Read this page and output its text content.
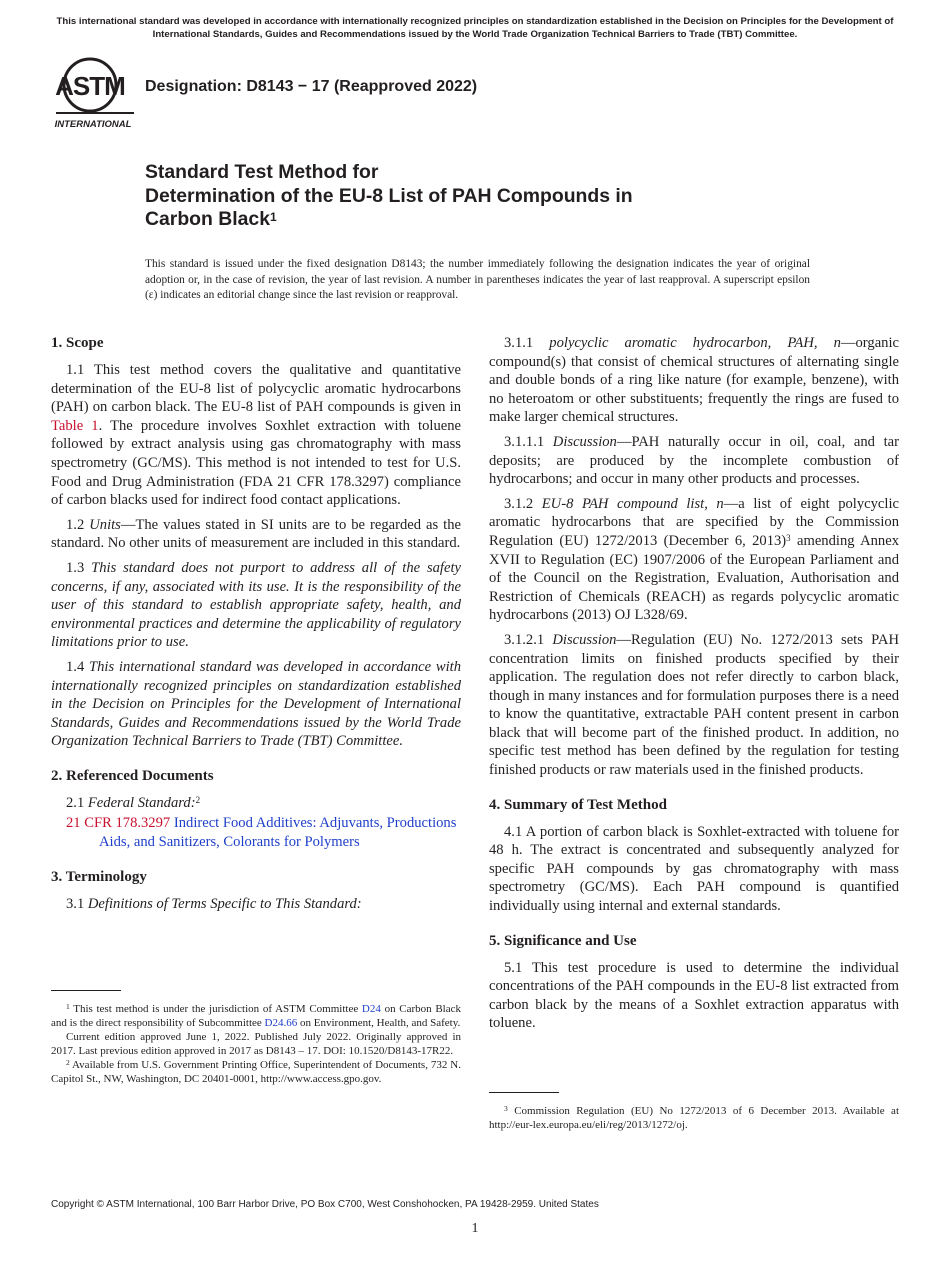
This international standard was developed in accordance with internationally recognized principles on standardization established in the Decision on Principles for the Development of International Standards, Guides and Recommendations issued by the World Trade Organization Technical Barriers to Trade (TBT) Committee.
ASTM
INTERNATIONAL
Designation: D8143 − 17 (Reapproved 2022)
Standard Test Method for
Determination of the EU-8 List of PAH Compounds in
Carbon Black$^1$
This standard is issued under the fixed designation D8143; the number immediately following the designation indicates the year of original adoption or, in the case of revision, the year of last revision. A number in parentheses indicates the year of last reapproval. A superscript epsilon (ε) indicates an editorial change since the last revision or reapproval.
1. Scope

1.1 This test method covers the qualitative and quantitative determination of the EU-8 list of polycyclic aromatic hydrocarbons (PAH) on carbon black. The EU-8 list of PAH compounds is given in Table 1. The procedure involves Soxhlet extraction with toluene followed by extract analysis using gas chromatography with mass spectrometry (GC/MS). This method is not intended to test for U.S. Food and Drug Administration (FDA 21 CFR 178.3297) compliance of carbon blacks used for indirect food contact applications.

1.2 Units—The values stated in SI units are to be regarded as the standard. No other units of measurement are included in this standard.

1.3 This standard does not purport to address all of the safety concerns, if any, associated with its use. It is the responsibility of the user of this standard to establish appropriate safety, health, and environmental practices and determine the applicability of regulatory limitations prior to use.

1.4 This international standard was developed in accordance with internationally recognized principles on standardization established in the Decision on Principles for the Development of International Standards, Guides and Recommendations issued by the World Trade Organization Technical Barriers to Trade (TBT) Committee.

2. Referenced Documents

2.1 Federal Standard:$^2$

21 CFR 178.3297 Indirect Food Additives: Adjuvants, Productions Aids, and Sanitizers, Colorants for Polymers

3. Terminology

3.1 Definitions of Terms Specific to This Standard:

$^1$ This test method is under the jurisdiction of ASTM Committee D24 on Carbon Black and is the direct responsibility of Subcommittee D24.66 on Environment, Health, and Safety.

Current edition approved June 1, 2022. Published July 2022. Originally approved in 2017. Last previous edition approved in 2017 as D8143 – 17. DOI: 10.1520/D8143-17R22.

$^2$ Available from U.S. Government Printing Office, Superintendent of Documents, 732 N. Capitol St., NW, Washington, DC 20401-0001, http://www.access.gpo.gov.

3.1.1 polycyclic aromatic hydrocarbon, PAH, n—organic compound(s) that consist of chemical structures of alternating single and double bonds of a ring like nature (for example, benzene), with no heteroatom or other substituents; frequently the rings are fused to make larger chemical structures.

3.1.1.1 Discussion—PAH naturally occur in oil, coal, and tar deposits; are produced by the incomplete combustion of hydrocarbons; and occur in many other products and processes.

3.1.2 EU-8 PAH compound list, n—a list of eight polycyclic aromatic hydrocarbons that are specified by the Commission Regulation (EU) 1272/2013 (December 6, 2013)$^3$ amending Annex XVII to Regulation (EC) 1907/2006 of the European Parliament and of the Council on the Registration, Evaluation, Authorisation and Restriction of Chemicals (REACH) as regards polycyclic aromatic hydrocarbons (2013) OJ L328/69.

3.1.2.1 Discussion—Regulation (EU) No. 1272/2013 sets PAH concentration limits on finished products specified by their application. The regulation does not refer directly to carbon black, though in many instances and for formulation purposes there is a need to know the quantitative, extractable PAH content present in carbon black that will become part of the finished product. In addition, no specific test method has been defined by the regulation for testing finished products or raw materials used in the finished products.

4. Summary of Test Method

4.1 A portion of carbon black is Soxhlet-extracted with toluene for 48 h. The extract is concentrated and subsequently analyzed for specific PAH compounds by gas chromatography with mass spectrometry (GC/MS). Each PAH compound is quantified individually using internal and external standards.

5. Significance and Use

5.1 This test procedure is used to determine the individual concentrations of the PAH compounds in the EU-8 list extracted from carbon black by the means of a Soxhlet extraction apparatus with toluene.

$^3$ Commission Regulation (EU) No 1272/2013 of 6 December 2013. Available at http://eur-lex.europa.eu/eli/reg/2013/1272/oj.

Copyright © ASTM International, 100 Barr Harbor Drive, PO Box C700, West Conshohocken, PA 19428-2959. United States
1
